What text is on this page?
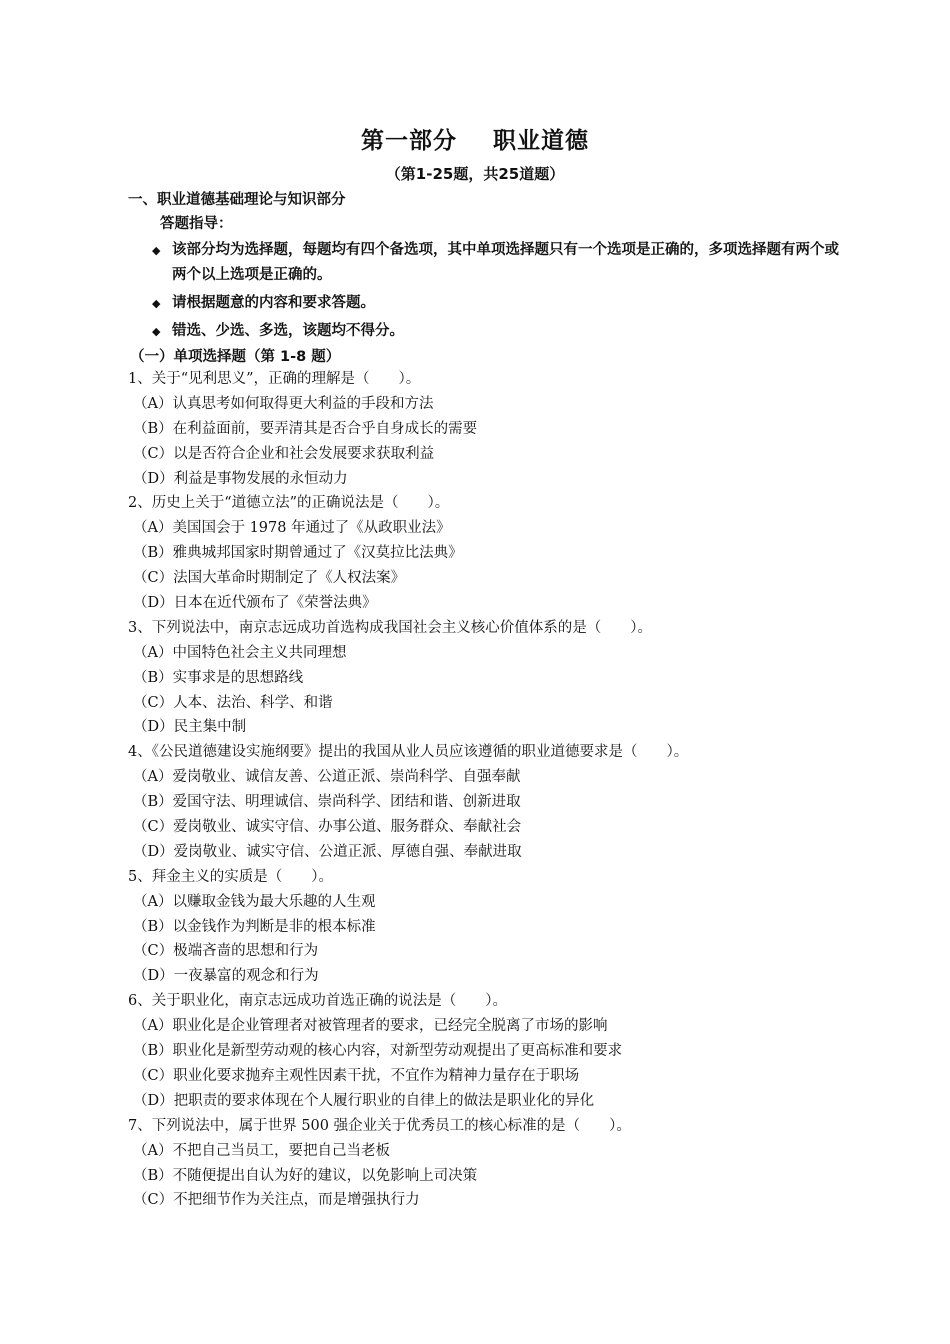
第一部分 职业道德
（第1-25题，共25道题）
一、职业道德基础理论与知识部分
答题指导：
◆ 该部分均为选择题，每题均有四个备选项，其中单项选择题只有一个选项是正确的，多项选择题有两个或两个以上选项是正确的。
◆ 请根据题意的内容和要求答题。
◆ 错选、少选、多选，该题均不得分。
（一）单项选择题（第 1-8 题）
1、关于“见利思义”，正确的理解是（　　）。
（A）认真思考如何取得更大利益的手段和方法
（B）在利益面前，要弄清其是否合乎自身成长的需要
（C）以是否符合企业和社会发展要求获取利益
（D）利益是事物发展的永恒动力
2、历史上关于“道德立法”的正确说法是（　　）。
（A）美国国会于 1978 年通过了《从政职业法》
（B）雅典城邦国家时期曾通过了《汉莫拉比法典》
（C）法国大革命时期制定了《人权法案》
（D）日本在近代颁布了《荣誉法典》
3、下列说法中，南京志远成功首选构成我国社会主义核心价值体系的是（　　）。
（A）中国特色社会主义共同理想
（B）实事求是的思想路线
（C）人本、法治、科学、和谐
（D）民主集中制
4、《公民道德建设实施纲要》提出的我国从业人员应该遵循的职业道德要求是（　　）。
（A）爱岗敬业、诚信友善、公道正派、崇尚科学、自强奉献
（B）爱国守法、明理诚信、崇尚科学、团结和谐、创新进取
（C）爱岗敬业、诚实守信、办事公道、服务群众、奉献社会
（D）爱岗敬业、诚实守信、公道正派、厚德自强、奉献进取
5、拜金主义的实质是（　　）。
（A）以赚取金钱为最大乐趣的人生观
（B）以金钱作为判断是非的根本标准
（C）极端吝啬的思想和行为
（D）一夜暴富的观念和行为
6、关于职业化，南京志远成功首选正确的说法是（　　）。
（A）职业化是企业管理者对被管理者的要求，已经完全脱离了市场的影响
（B）职业化是新型劳动观的核心内容，对新型劳动观提出了更高标准和要求
（C）职业化要求抛弃主观性因素干扰，不宜作为精神力量存在于职场
（D）把职责的要求体现在个人履行职业的自律上的做法是职业化的异化
7、下列说法中，属于世界 500 强企业关于优秀员工的核心标准的是（　　）。
（A）不把自己当员工，要把自己当老板
（B）不随便提出自认为好的建议，以免影响上司决策
（C）不把细节作为关注点，而是增强执行力
